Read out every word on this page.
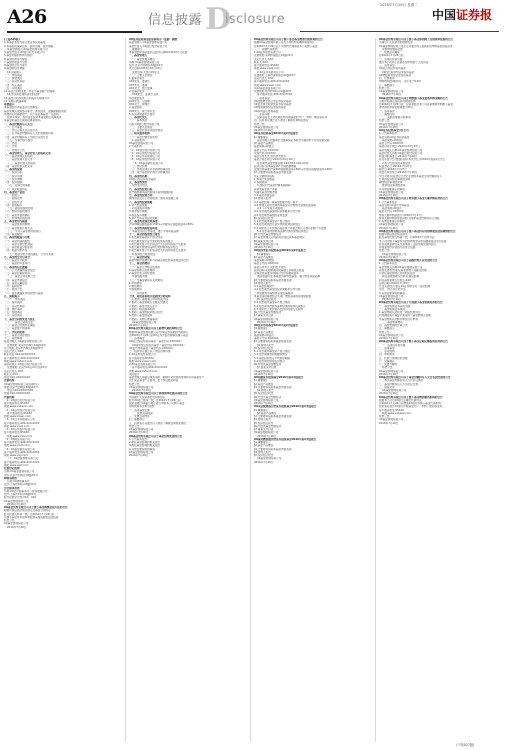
A26	信息披露 D
isclosure
2016年7月26日 星期二
中国证券报
(上接A25版)
1.本基金类型为混合型证券投资基金
2.本基金的投资目标、投资范围、投资策略
3.基金管理人:XX基金管理有限公司
4.基金托管人:XX银行股份有限公司
5.基金份额的申购与赎回
6.基金的费用与税收
7.基金的收益与分配
8.基金的会计与审计
9.基金的信息披露
10.风险揭示
（一）市场风险
（二）管理风险
（三）流动性风险
（四）特定风险
（五）其他风险
11.基金合同的变更、终止与基金财产的清算
12.争议的处理和适用的法律
13.基金合同存放地点和投资人取得方式
14.其他应披露事项
重要提示
本基金经中国证监会注册募集。
基金管理人依照恪尽职守、诚实信用、谨慎勤勉的原则
管理和运用基金财产，但不保证本基金一定盈利。
投资有风险，投资者在投资本基金前应认真阅读
本基金的基金合同和招募说明书。
一、基金份额持有人大会
（一）召开事由
（二）会议召集人及召集方式
（三）召开基金份额持有人大会的通知时间
（四）基金份额持有人出席会议的方式
（五）议事内容与程序
（六）表决
（七）计票
（八）生效与公告
二、基金管理人、基金托管人的权利义务
（一）基金管理人的权利
（二）基金管理人的义务
（三）基金托管人的权利
（四）基金托管人的义务
三、基金的投资
（一）投资目标
（二）投资范围
（三）投资策略
（四）投资限制
（五）业绩比较基准
（六）风险收益特征
四、基金资产估值
（一）估值日
（二）估值对象
（三）估值方法
（四）估值程序
（五）估值错误的处理
（六）暂停估值的情形
（七）基金净值的确认
（八）特殊情况的处理
五、基金费用与税收
（一）基金费用的种类
（二）基金费用计提方法
（三）不列入基金费用的项目
（四）基金税收
六、基金的收益与分配
（一）基金利润的构成
（二）基金可供分配利润
（三）基金收益分配原则
（四）收益分配方案
（五）收益分配方案的确定、公告与实施
七、基金的会计与审计
（一）基金会计政策
（二）基金的年度审计
八、基金的信息披露
（一）公开披露的基金信息
（二）基金招募说明书
（三）基金合同生效公告
（四）基金净值信息
（五）基金定期报告
（六）临时报告
（七）澄清公告
（八）信息披露文件的存放与查阅
九、风险揭示
（一）市场风险
（二）信用风险
（三）流动性风险
（四）操作风险
（五）管理风险
（六）其他风险
十、基金合同的变更与终止
（一）基金合同的变更
（二）基金合同的终止事由
（三）基金财产的清算
十一、争议的处理
十二、基金合同存放地
十三、其他事项
基金管理人:XX基金管理有限公司
注册地址:北京市西城区XX路XX号
办公地址:北京市西城区XX路XX号
法定代表人:XXX
联系电话:010-XXXXXXXX
客户服务电话:400-XXX-XXXX
网址:www.xxfund.com
基金托管人:XX银行股份有限公司
注册地址:北京市XX区XX大街XX号
法定代表人:XXX
联系人:XXX
电话:010-XXXXXXXX
直销机构
XX基金管理有限公司直销中心
地址:北京市西城区XX路XX号
电话:010-XXXXXXXX
传真:010-XXXXXXXX
代销机构
（1）XX银行股份有限公司
客户服务电话:95XXX
网址:www.xxbank.com
（2）XX证券股份有限公司
客户服务电话:95XXX
网址:www.xxsec.com
（3）XX证券有限责任公司
客户服务电话:400-XXX-XXXX
网址:www.xxzq.com
（4）XX证券股份有限公司
客户服务电话:95XXX
网址:www.xxsc.com
（5）XX期货有限公司
客户服务电话:400-XXX-XXXX
网址:www.xxqh.com
（6）XX基金销售有限公司
客户服务电话:400-XXX-XXXX
网址:www.xxjj.com
（7）XX财富管理有限公司
客户服务电话:400-XXX-XXXX
网址:www.xxcf.com
注册登记机构
名称:XX基金管理有限公司
住所:北京市西城区XX路XX号
律师事务所
名称:XX律师事务所
住所:上海市XX区XX路XX号
会计师事务所
名称:XX会计师事务所（特殊普通合伙）
住所:上海市XX区XX路XX号
经办注册会计师:XXX、XXX
XX基金管理有限公司
2016年7月26日
XX基金管理有限公司关于旗下基金调整估值方法的公告
根据中国证监会相关规定及基金合同约定
经与托管人协商一致，自2016年7月25日起
对旗下基金持有的停牌股票采用指数收益法估值
特此公告。
XX基金管理有限公司
2016年7月26日
XX证券投资基金招募说明书（更新）摘要
基金管理人:XX基金管理有限公司
基金托管人:XX银行股份有限公司
重要提示
本基金经中国证监会证监许可[20XX]XXX号文注册
一、基金管理人
（一）基金管理人概况
名称:XX基金管理有限公司
住所:北京市西城区XX路XX号
设立日期:20XX年XX月XX日
注册资本:人民币XX亿元
（二）主要人员情况
1.董事会成员
XXX先生，董事长
XXX先生，董事
XXX女士，独立董事
2.监事会成员
XXX先生，监事会主席
3.经理层成员
XXX先生，总经理
XXX女士，督察长
4.基金经理
XXX先生，硕士研究生
5.投资决策委员会成员
二、基金托管人
（一）基本情况
名称:XX银行股份有限公司
（二）主要人员情况
（三）基金托管业务经营情况
三、相关服务机构
（一）基金份额发售机构
1.直销机构
XX基金管理有限公司
2.代销机构
（1）XX银行股份有限公司
（2）XX证券股份有限公司
（3）XX证券有限责任公司
（4）XX证券股份有限公司
（5）XX基金销售有限公司
（二）登记机构
（三）出具法律意见书的律师事务所
（四）审计基金财产的会计师事务所
四、基金的名称
XX混合型证券投资基金
五、基金的类型
契约型开放式
六、基金的投资目标
在严格控制风险的前提下追求稳健回报
七、基金的投资方向
国内依法发行上市的股票、债券等金融工具
八、基金的投资策略
1.资产配置策略
2.股票投资策略
3.债券投资策略
4.权证投资策略
5.资产支持证券投资策略
九、基金的业绩比较基准
沪深300指数收益率×50%+中债综合指数收益率×50%
十、基金的风险收益特征
本基金为混合型基金，属于中等风险品种
十一、基金的投资组合报告
1.报告期末基金资产组合情况
2.报告期末按行业分类的股票投资组合
3.报告期末按公允价值占比大小排序的前十名股票
4.报告期末按债券品种分类的债券投资组合
5.报告期末按公允价值占比大小排序的前五名债券
6.投资组合报告附注
十二、基金的业绩
基金份额净值增长率与同期业绩比较基准收益率比较
十三、基金的费用
（一）基金运作相关的费用
1.基金管理人的管理费
2.基金托管人的托管费
3.销售服务费
（二）与基金销售有关的费用
1.申购费用
2.赎回费用
3.转换费用
（三）其他费用
十四、对招募说明书更新部分的说明
1.更新了重要提示中的相关内容
2.更新了基金管理人主要人员情况
3.更新了基金托管人部分
4.更新了相关服务机构
5.更新了基金的投资组合报告
6.更新了基金的业绩
7.更新了其他应披露事项
XX基金管理有限公司
2016年7月26日
XX基金管理有限公司关于新增代销机构的公告
根据XX基金管理有限公司与XX证券签署的代销协议
自2016年7月26日起XX证券开始代理销售旗下基金
一、适用基金
XX混合型证券投资基金（基金代码:XXXXXX）
XX债券型证券投资基金（基金代码:XXXXXX）
XX货币市场基金（基金代码:XXXXXX）
二、投资者可通过以下途径咨询详情
1.XX证券股份有限公司
客户服务电话:95XXX
网址:www.xxsec.com
2.XX基金管理有限公司
客户服务电话:400-XXX-XXXX
网址:www.xxfund.com
风险提示
基金管理人承诺以诚实信用、勤勉尽责的原则管理和运用基金资产
但不保证基金一定盈利，也不保证最低收益
特此公告。
XX基金管理有限公司
2016年7月26日
XX基金管理有限公司关于参加费率优惠活动的公告
为答谢广大投资者的支持和信任
经与XX银行协商一致，自2016年7月26日起
投资者通过XX银行网上银行申购本公司旗下基金
申购费率享受4折优惠
一、适用基金范围
二、优惠活动时间
三、优惠活动内容
四、重要提示
五、投资者可以通过以下途径了解或咨询相关情况
特此公告。
XX基金管理有限公司
2016年7月26日
XX基金管理有限公司关于基金经理变更的公告
1.公告基本信息
2.新任基金经理的相关信息
3.离任基金经理的相关信息
4.其他需要说明的事项
XX基金管理有限公司
2016年7月26日
XX基金管理有限公司关于旗下部分基金增加代销机构的公告
根据XX基金管理有限公司与下列机构签署的销售协议
自2016年7月26日起下列机构代理销售本公司旗下基金
一、新增代销机构
1.XX证券股份有限公司
注册地址:深圳市福田区XX路XX号
法定代表人:XXX
联系人:XXX
客户服务电话:95XXX
网址:www.xxzq.com
2.XX证券有限责任公司
注册地址:上海市浦东新区XX路XX号
法定代表人:XXX
客户服务电话:400-XXX-XXXX
网址:www.xxsec.com
3.XX基金销售有限公司
注册地址:杭州市XX区XX路XX号
客户服务电话:400-XXX-XXXX
二、适用基金
XX稳健增长混合型证券投资基金
XX优选成长股票型证券投资基金
XX纯债债券型证券投资基金
XX添利货币市场基金
三、业务办理
投资者可在上述代销机构办理基金的开户、申购、赎回等业务
四、投资者可通过以下途径了解或咨询相关情况
特此公告。
XX基金管理有限公司
2016年7月26日
XX证券投资基金2016年第2季度报告
§1 重要提示
基金管理人的董事会及董事保证本报告所载资料不存在虚假记载
§2 基金产品概况
基金简称:XX混合
基金主代码:XXXXXX
交易代码:XXXXXX
基金运作方式:契约型开放式
基金合同生效日:20XX年XX月XX日
报告期末基金份额总额:XXX,XXX,XXX.XX份
投资目标:追求基金资产长期稳健增值
业绩比较基准:沪深300指数收益率×60%+中债总指数收益率×40%
§3 主要财务指标和基金净值表现
3.1 主要财务指标
1.本期已实现收益
2.本期利润
3.加权平均基金份额本期利润
4.期末基金资产净值
5.期末基金份额净值
3.2 基金净值表现
§4 管理人报告
4.1 基金经理（或基金经理小组）简介
4.2 管理人对报告期内本基金运作遵规守信情况的说明
4.3 公平交易专项说明
4.4 报告期内基金的投资策略和运作分析
4.5 报告期内基金的业绩表现
§5 投资组合报告
5.1 报告期末基金资产组合情况
5.2 报告期末按行业分类的股票投资组合
5.3 期末按公允价值占基金资产净值比例大小排序的前十名股票
5.4 报告期末按债券品种分类的债券投资组合
§6 开放式基金份额变动
§7 基金管理人运用固有资金投资本基金情况
§8 备查文件目录
XX基金管理有限公司
2016年7月26日
XX债券型证券投资基金2016年第2季度报告
§1 重要提示
§2 基金产品概况
基金简称:XX纯债
基金主代码:XXXXXX
基金运作方式:契约型开放式
投资目标:在控制风险的基础上获取稳定收益
业绩比较基准:中债综合全价指数收益率
风险收益特征:本基金为债券型基金，属于较低风险品种
§3 主要财务指标和基金净值表现
§4 管理人报告
4.1 基金经理简介
4.2 报告期内基金的投资策略和运作分析
二季度债券市场整体呈现震荡格局
本基金适度降低组合久期，增加高等级信用债配置
§5 投资组合报告
5.1 报告期末基金资产组合情况
5.2 报告期末按债券品种分类的债券投资组合
5.3 期末按公允价值占比排序的前五名债券
§6 开放式基金份额变动
§7 备查文件目录
XX基金管理有限公司
2016年7月26日
XX货币市场基金2016年第2季度报告
§1 重要提示
§2 基金产品概况
基金简称:XX货币
基金主代码:XXXXXX
§3 主要财务指标和基金收益表现
§4 管理人报告
§5 投资组合报告
5.1 报告期末基金资产组合情况
5.2 报告期债券回购融资情况
5.3 基金投资组合平均剩余期限
5.4 报告期末债券投资组合
§6 开放式基金份额变动
§7 备查文件目录
XX基金管理有限公司
2016年7月26日
XX指数证券投资基金2016年第2季度报告
§1 重要提示
§2 基金产品概况
§3 主要财务指标和基金净值表现
§4 管理人报告
§5 投资组合报告
§6 开放式基金份额变动
XX基金管理有限公司
2016年7月26日
XX灵活配置混合型证券投资基金2016年第2季度报告
§1 重要提示
§2 基金产品概况
§3 主要财务指标和基金净值表现
§4 管理人报告
§5 投资组合报告
§6 开放式基金份额变动
§7 备查文件目录
XX基金管理有限公司
2016年7月26日
XX量化精选股票型证券投资基金2016年第2季度报告
§1 重要提示
§2 基金产品概况
§3 主要财务指标和基金净值表现
§4 管理人报告
§5 投资组合报告
XX基金管理有限公司
2016年7月26日
XX基金管理有限公司关于旗下基金参加网上直销费率优惠的公告
为满足广大投资者的理财需求
XX基金管理有限公司决定对通过网上直销系统申购基金的投资者
实施申购费率优惠
一、优惠活动期间
自2016年7月26日起
二、适用投资者范围
通过本公司网上直销系统申购的个人投资者
三、适用基金
XX混合型证券投资基金
XX成长股票型证券投资基金
XX增强债券型证券投资基金
四、优惠费率
申购费率按4折执行，但不低于0.6%
五、重要提示
特此公告。
XX基金管理有限公司
2016年7月26日
XX基金管理有限公司关于调整旗下基金最低申购金额的公告
为更好地满足投资者的理财需求
自2016年7月26日起，投资者通过本公司直销渠道申购旗下基金
单笔最低申购金额调整为10元
一、适用基金
二、调整内容
三、其他需要提示的事项
特此公告。
XX基金管理有限公司
2016年7月26日
XX证券投资基金分红公告
1.公告基本信息
基金名称:XX证券投资基金
基金简称:XX价值
基金主代码:XXXXXX
基金合同生效日:20XX年XX月XX日
基金管理人名称:XX基金管理有限公司
基金托管人名称:XX银行股份有限公司
收益分配基准日:2016年7月20日
有关年度分红次数的说明:本次分红为2016年度第1次分红
2.与分红相关的其他信息
权益登记日:2016年7月27日
除息日:2016年7月27日
现金红利发放日:2016年7月28日
分红对象:权益登记日登记在册的本基金全体份额持有人
红利再投资相关事项的说明
税收相关事项的说明
费用相关事项的说明
3.其他需要提示的事项
XX基金管理有限公司
2016年7月26日
XX基金管理有限公司关于暂停旗下基金大额申购业务的公告
1.公告基本信息
基金名称:XX货币市场基金
基金简称:XX货币
基金主代码:XXXXXX
暂停大额申购起始日:2016年7月27日
暂停大额申购的原因说明:为保护基金份额持有人利益
2.其他需要提示的事项
XX基金管理有限公司
2016年7月26日
XX基金管理有限公司关于旗下基金持有的停牌股票估值调整的公告
根据中国证监会相关规定
经与基金托管人协商一致，自2016年7月25日起
本公司对旗下基金持有的停牌股票采用指数收益法进行估值
待该股票复牌且其交易体现了活跃市场交易特征后
将恢复按市价估值方法进行估值
特此公告。
XX基金管理有限公司
2016年7月26日
XX基金管理有限公司关于高级管理人员变更的公告
1.公告基本信息
基金管理人名称:XX基金管理有限公司
高管变更类型:新任基金管理公司副总经理
2.新任高级管理人员的相关信息
新任高级管理人员职务:副总经理
新任高级管理人员姓名:XXX
任职日期:2016年7月25日
过往从业经历:曾任XX证券研究员、投资经理
学历、学位:硕士研究生
3.其他需要说明的事项
XX基金管理有限公司
2016年7月26日
XX基金管理有限公司关于开展旗下基金转换业务的公告
一、基金转换业务适用范围
二、基金转换业务规则
1.基金转换只能在同一销售机构进行
2.转换的两只基金必须是同一基金管理人管理
3.基金转换以份额为单位进行申请
三、基金转换费用
四、基金转换的计算公式
五、重要提示
特此公告。
XX基金管理有限公司
2016年7月26日
XX基金管理有限公司关于旗下基金定期定额投资业务的公告
一、适用投资者范围
二、适用基金
三、业务规则
四、申购费率
五、扣款日期和扣款金额
六、交易确认
七、变更与解约
特此公告。
XX基金管理有限公司
2016年7月26日
XX基金管理有限公司关于基金份额持有人大会表决结果的公告
一、本次基金份额持有人大会会议情况
二、基金份额持有人大会决议生效
三、备查文件
XX基金管理有限公司
2016年7月26日
XX基金管理有限公司关于旗下基金增加销售机构的公告
根据本公司与XX银行签署的代销协议
自2016年7月26日起增加XX银行为旗下基金代销机构
投资者可通过XX银行办理基金开户、申购、赎回等业务
客户服务电话:95XXX
网址:www.xxbank.com
特此公告。
XX基金管理有限公司
2016年7月26日
(下转A27版)
